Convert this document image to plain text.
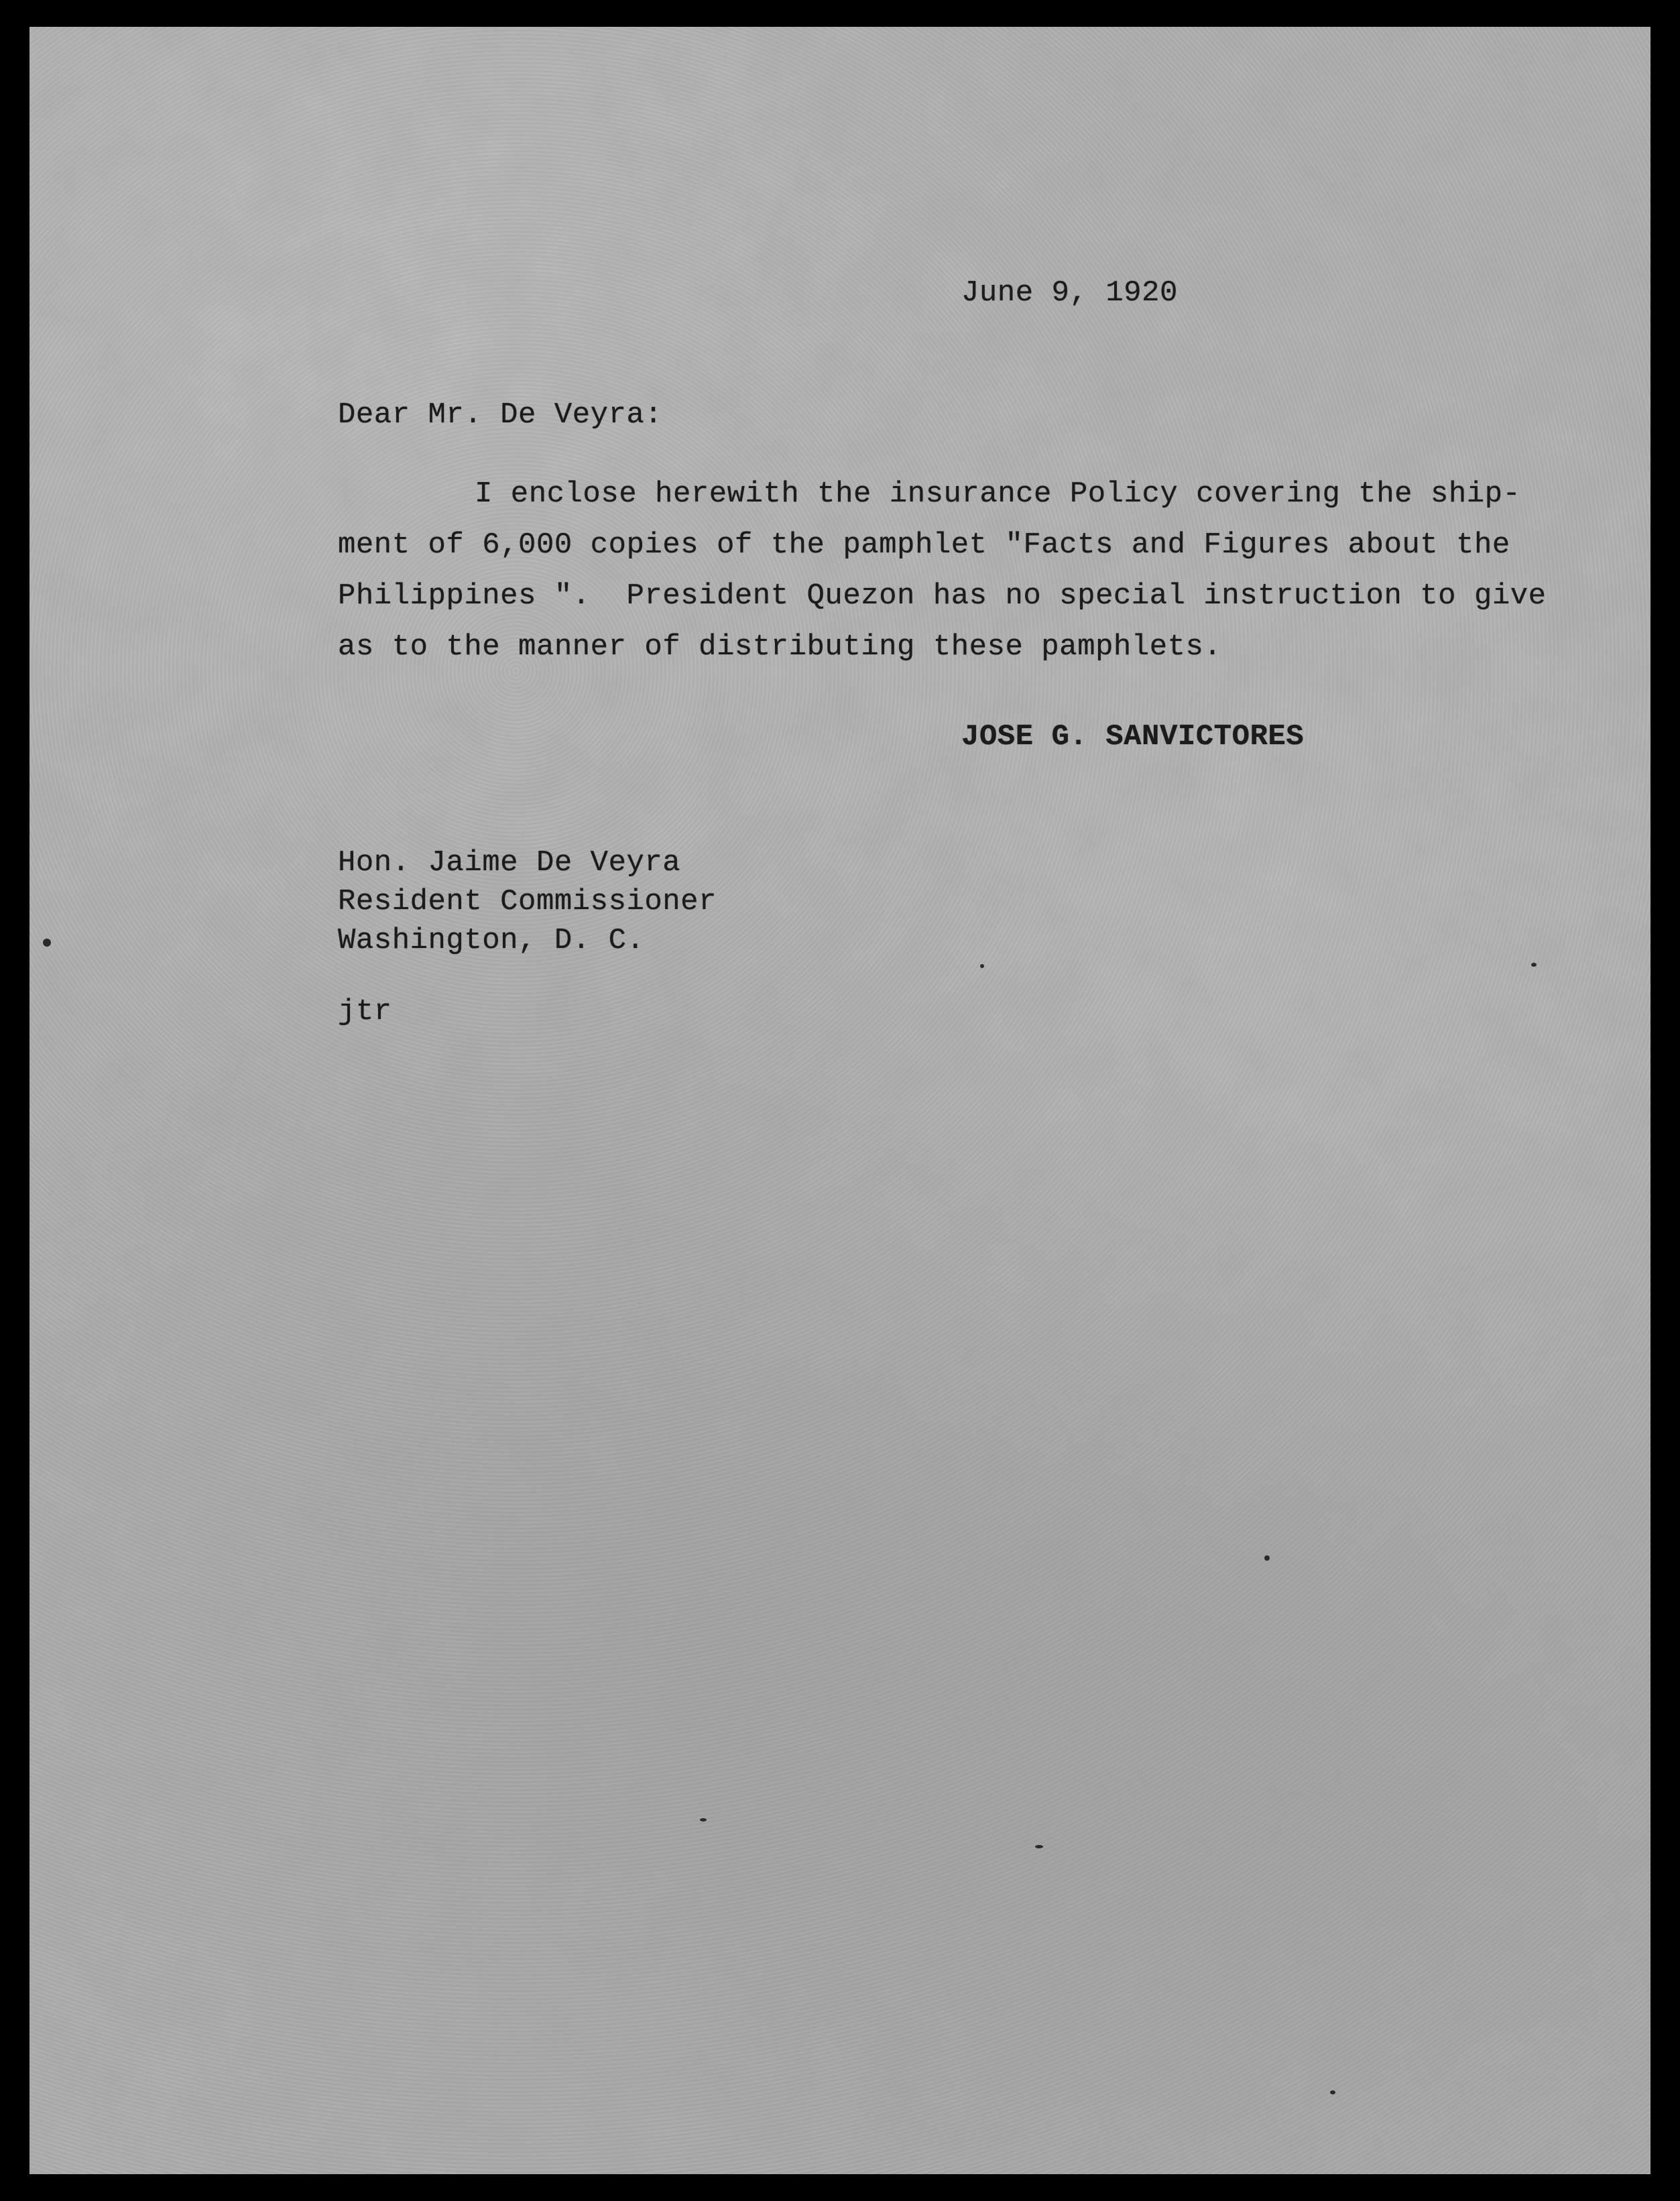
June 9, 1920
Dear Mr. De Veyra:
I enclose herewith the insurance Policy covering the ship-
ment of 6,000 copies of the pamphlet "Facts and Figures about the
Philippines ".  President Quezon has no special instruction to give
as to the manner of distributing these pamphlets.
JOSE G. SANVICTORES
Hon. Jaime De Veyra
Resident Commissioner
Washington, D. C.
jtr
